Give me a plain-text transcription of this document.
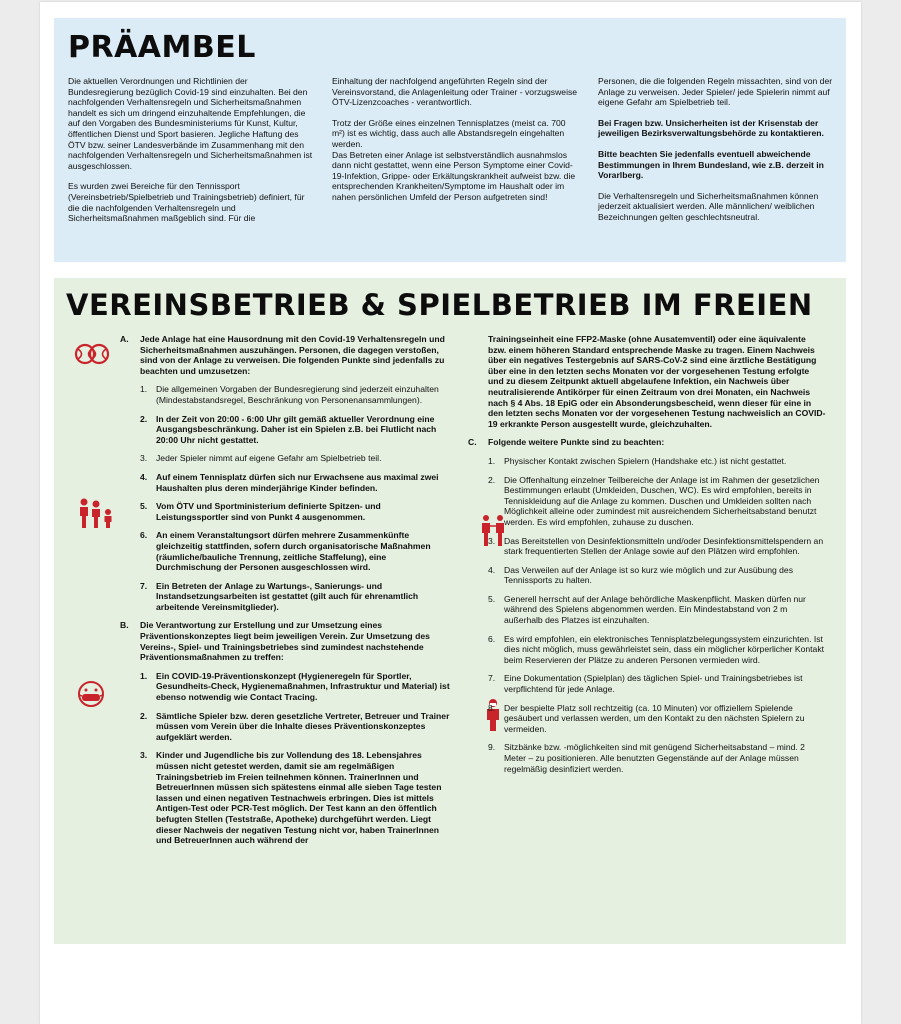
PRÄAMBEL

Die aktuellen Verordnungen und Richtlinien der Bundesregierung bezüglich Covid-19 sind einzuhalten. Bei den nachfolgenden Verhaltensregeln und Sicherheitsmaßnahmen handelt es sich um dringend einzuhaltende Empfehlungen, die auf den Vorgaben des Bundesministeriums für Kunst, Kultur, öffentlichen Dienst und Sport basieren. Jegliche Haftung des ÖTV bzw. seiner Landesverbände im Zusammenhang mit den nachfolgenden Verhaltensregeln und Sicherheitsmaßnahmen ist ausgeschlossen.

Es wurden zwei Bereiche für den Tennissport (Vereinsbetrieb/Spielbetrieb und Trainingsbetrieb) definiert, für die die nachfolgenden Verhaltensregeln und Sicherheitsmaßnahmen maßgeblich sind. Für die

Einhaltung der nachfolgend angeführten Regeln sind der Vereinsvorstand, die Anlagenleitung oder Trainer - vorzugsweise ÖTV-Lizenzcoaches - verantwortlich.

Trotz der Größe eines einzelnen Tennisplatzes (meist ca. 700 m²) ist es wichtig, dass auch alle Abstandsregeln eingehalten werden.

Das Betreten einer Anlage ist selbstverständlich ausnahmslos dann nicht gestattet, wenn eine Person Symptome einer Covid-19-Infektion, Grippe- oder Erkältungskrankheit aufweist bzw. die entsprechenden Krankheiten/Symptome im Haushalt oder im nahen persönlichen Umfeld der Person aufgetreten sind!

Personen, die die folgenden Regeln missachten, sind von der Anlage zu verweisen. Jeder Spieler/ jede Spielerin nimmt auf eigene Gefahr am Spielbetrieb teil.

Bei Fragen bzw. Unsicherheiten ist der Krisenstab der jeweiligen Bezirksverwaltungsbehörde zu kontaktieren.

Bitte beachten Sie jedenfalls eventuell abweichende Bestimmungen in Ihrem Bundesland, wie z.B. derzeit in Vorarlberg.

Die Verhaltensregeln und Sicherheitsmaßnahmen können jederzeit aktualisiert werden. Alle männlichen/ weiblichen Bezeichnungen gelten geschlechtsneutral.

VEREINSBETRIEB & SPIELBETRIEB IM FREIEN
A.	Jede Anlage hat eine Hausordnung mit den Covid-19 Verhaltensregeln und Sicherheitsmaßnahmen auszuhängen. Personen, die dagegen verstoßen, sind von der Anlage zu verweisen. Die folgenden Punkte sind jedenfalls zu beachten und umzusetzen:
1.	Die allgemeinen Vorgaben der Bundesregierung sind jederzeit einzuhalten (Mindestabstandsregel, Beschränkung von Personenansammlungen).
2.	In der Zeit von 20:00 - 6:00 Uhr gilt gemäß aktueller Verordnung eine Ausgangsbeschränkung. Daher ist ein Spielen z.B. bei Flutlicht nach 20:00 Uhr nicht gestattet.
3.	Jeder Spieler nimmt auf eigene Gefahr am Spielbetrieb teil.
4.	Auf einem Tennisplatz dürfen sich nur Erwachsene aus maximal zwei Haushalten plus deren minderjährige Kinder befinden.
5.	Vom ÖTV und Sportministerium definierte Spitzen- und Leistungssportler sind von Punkt 4 ausgenommen.
6.	An einem Veranstaltungsort dürfen mehrere Zusammenkünfte gleichzeitig stattfinden, sofern durch organisatorische Maßnahmen (räumliche/bauliche Trennung, zeitliche Staffelung), eine Durchmischung der Personen ausgeschlossen wird.
7.	Ein Betreten der Anlage zu Wartungs-, Sanierungs- und Instandsetzungsarbeiten ist gestattet (gilt auch für ehrenamtlich arbeitende Vereinsmitglieder).
B.	Die Verantwortung zur Erstellung und zur Umsetzung eines Präventionskonzeptes liegt beim jeweiligen Verein. Zur Umsetzung des Vereins-, Spiel- und Trainingsbetriebes sind zumindest nachstehende Präventionsmaßnahmen zu treffen:
1.	Ein COVID-19-Präventionskonzept (Hygieneregeln für Sportler, Gesundheits-Check, Hygienemaßnahmen, Infrastruktur und Material) ist ebenso notwendig wie Contact Tracing.
2.	Sämtliche Spieler bzw. deren gesetzliche Vertreter, Betreuer und Trainer müssen vom Verein über die Inhalte dieses Präventionskonzeptes aufgeklärt werden.
3.	Kinder und Jugendliche bis zur Vollendung des 18. Lebensjahres müssen nicht getestet werden, damit sie am regelmäßigen Trainingsbetrieb im Freien teilnehmen können. TrainerInnen und BetreuerInnen müssen sich spätestens einmal alle sieben Tage testen lassen und einen negativen Testnachweis erbringen. Dies ist mittels Antigen-Test oder PCR-Test möglich. Der Test kann an den öffentlich befugten Stellen (Teststraße, Apotheke) durchgeführt werden. Liegt dieser Nachweis der negativen Testung nicht vor, haben TrainerInnen und BetreuerInnen auch während der
Trainingseinheit eine FFP2-Maske (ohne Ausatemventil) oder eine äquivalente bzw. einem höheren Standard entsprechende Maske zu tragen. Einem Nachweis über ein negatives Testergebnis auf SARS-CoV-2 sind eine ärztliche Bestätigung über eine in den letzten sechs Monaten vor der vorgesehenen Testung erfolgte und zu diesem Zeitpunkt aktuell abgelaufene Infektion, ein Nachweis über neutralisierende Antikörper für einen Zeitraum von drei Monaten, ein Nachweis nach § 4 Abs. 18 EpiG oder ein Absonderungsbescheid, wenn dieser für eine in den letzten sechs Monaten vor der vorgesehenen Testung nachweislich an COVID-19 erkrankte Person ausgestellt wurde, gleichzuhalten.
C.	Folgende weitere Punkte sind zu beachten:
1.	Physischer Kontakt zwischen Spielern (Handshake etc.) ist nicht gestattet.
2.	Die Offenhaltung einzelner Teilbereiche der Anlage ist im Rahmen der gesetzlichen Bestimmungen erlaubt (Umkleiden, Duschen, WC). Es wird empfohlen, bereits in Tenniskleidung auf die Anlage zu kommen. Duschen und Umkleiden sollten nach Möglichkeit alleine oder zumindest mit ausreichendem Sicherheitsabstand benutzt werden. Es wird empfohlen, zuhause zu duschen.
3.	Das Bereitstellen von Desinfektionsmitteln und/oder Desinfektionsmittelspendern an stark frequentierten Stellen der Anlage sowie auf den Plätzen wird empfohlen.
4.	Das Verweilen auf der Anlage ist so kurz wie möglich und zur Ausübung des Tennissports zu halten.
5.	Generell herrscht auf der Anlage behördliche Maskenpflicht. Masken dürfen nur während des Spielens abgenommen werden. Ein Mindestabstand von 2 m außerhalb des Platzes ist einzuhalten.
6.	Es wird empfohlen, ein elektronisches Tennisplatzbelegungssystem einzurichten. Ist dies nicht möglich, muss gewährleistet sein, dass ein möglicher körperlicher Kontakt beim Reservieren der Plätze zu anderen Personen vermieden wird.
7.	Eine Dokumentation (Spielplan) des täglichen Spiel- und Trainingsbetriebes ist verpflichtend für jede Anlage.
8.	Der bespielte Platz soll rechtzeitig (ca. 10 Minuten) vor offiziellem Spielende gesäubert und verlassen werden, um den Kontakt zu den nächsten Spielern zu vermeiden.
9.	Sitzbänke bzw. -möglichkeiten sind mit genügend Sicherheitsabstand – mind. 2 Meter – zu positionieren. Alle benutzten Gegenstände auf der Anlage müssen regelmäßig desinfiziert werden.
